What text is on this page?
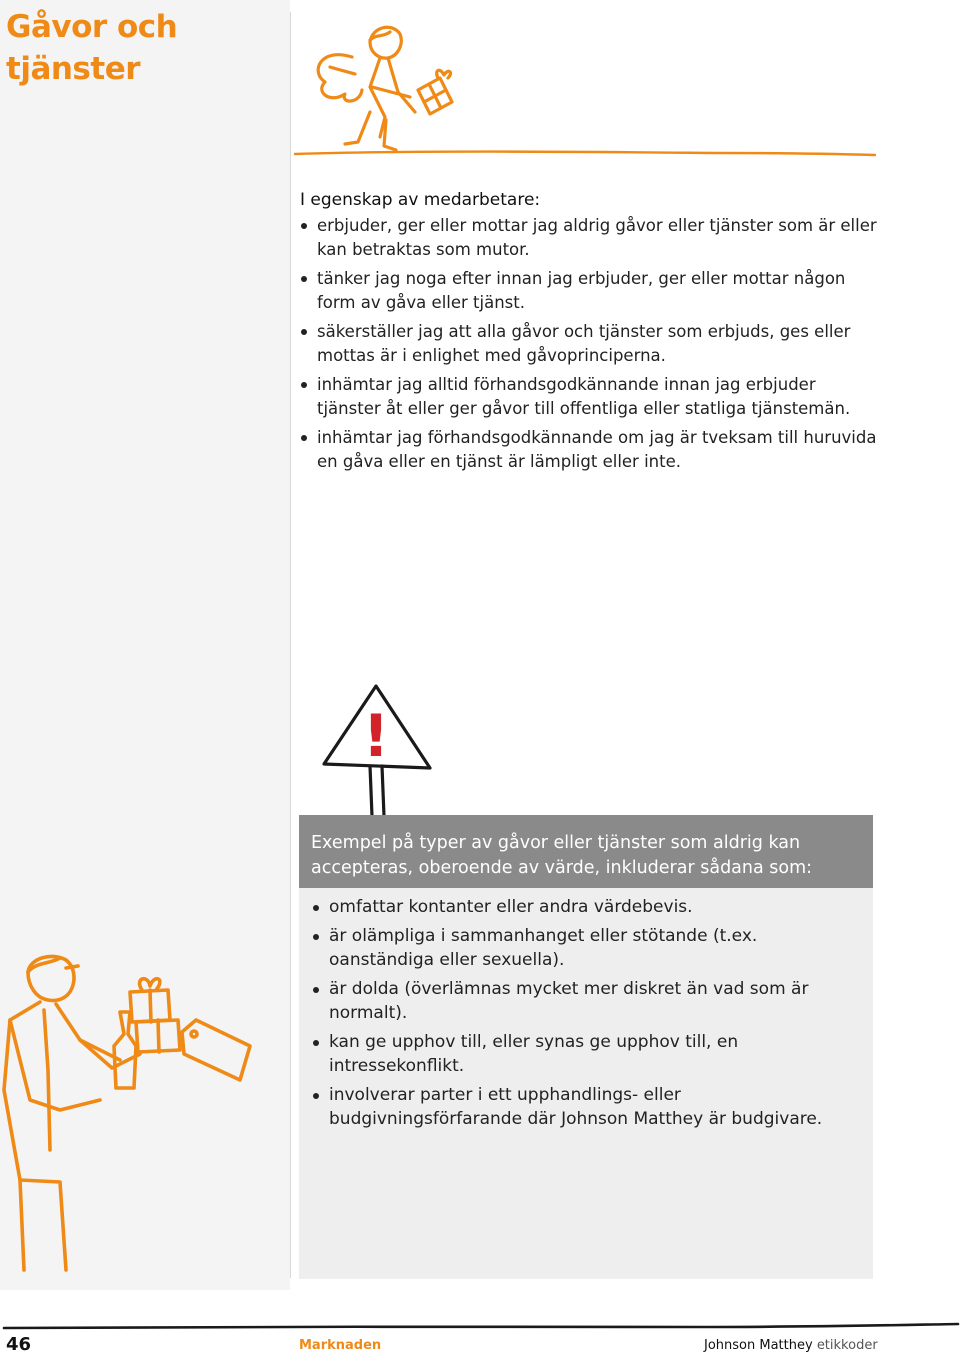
Gåvor och
tjänster
I egenskap av medarbetare:
erbjuder, ger eller mottar jag aldrig gåvor eller tjänster som är eller kan betraktas som mutor.
tänker jag noga efter innan jag erbjuder, ger eller mottar någon form av gåva eller tjänst.
säkerställer jag att alla gåvor och tjänster som erbjuds, ges eller mottas är i enlighet med gåvoprinciperna.
inhämtar jag alltid förhandsgodkännande innan jag erbjuder tjänster åt eller ger gåvor till offentliga eller statliga tjänstemän.
inhämtar jag förhandsgodkännande om jag är tveksam till huruvida en gåva eller en tjänst är lämpligt eller inte.
!
Exempel på typer av gåvor eller tjänster som aldrig kan accepteras, oberoende av värde, inkluderar sådana som:
omfattar kontanter eller andra värdebevis.
är olämpliga i sammanhanget eller stötande (t.ex. oanständiga eller sexuella).
är dolda (överlämnas mycket mer diskret än vad som är normalt).
kan ge upphov till, eller synas ge upphov till, en intressekonflikt.
involverar parter i ett upphandlings- eller budgivningsförfarande där Johnson Matthey är budgivare.
46	Marknaden	Johnson Matthey etikkoder
